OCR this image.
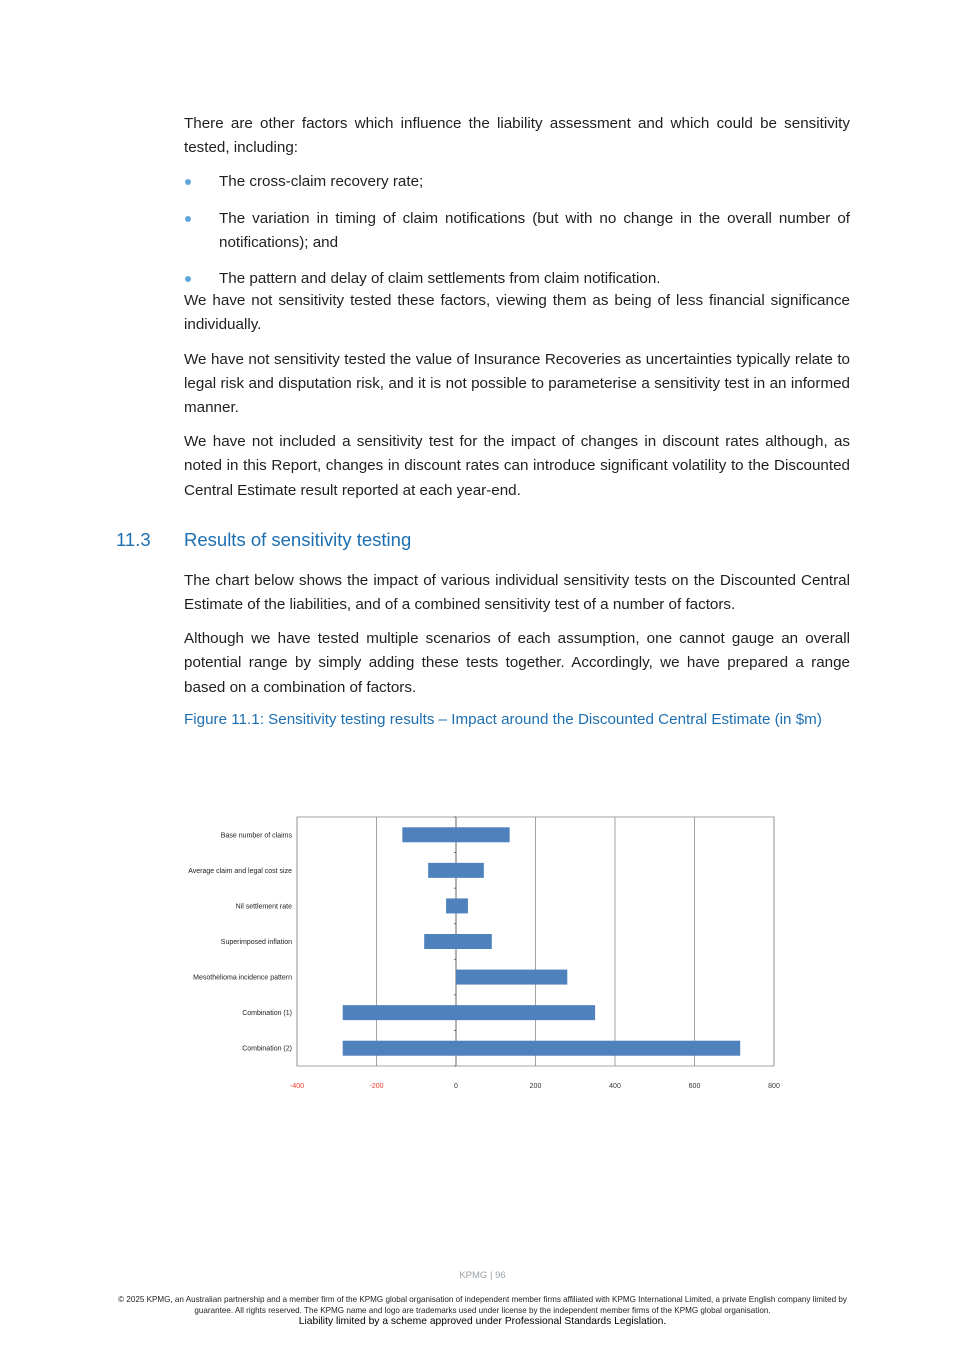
There are other factors which influence the liability assessment and which could be sensitivity tested, including:

The cross-claim recovery rate;
The variation in timing of claim notifications (but with no change in the overall number of notifications); and
The pattern and delay of claim settlements from claim notification.

We have not sensitivity tested these factors, viewing them as being of less financial significance individually.

We have not sensitivity tested the value of Insurance Recoveries as uncertainties typically relate to legal risk and disputation risk, and it is not possible to parameterise a sensitivity test in an informed manner.

We have not included a sensitivity test for the impact of changes in discount rates although, as noted in this Report, changes in discount rates can introduce significant volatility to the Discounted Central Estimate result reported at each year-end.

11.3 Results of sensitivity testing

The chart below shows the impact of various individual sensitivity tests on the Discounted Central Estimate of the liabilities, and of a combined sensitivity test of a number of factors.

Although we have tested multiple scenarios of each assumption, one cannot gauge an overall potential range by simply adding these tests together. Accordingly, we have prepared a range based on a combination of factors.

Figure 11.1: Sensitivity testing results – Impact around the Discounted Central Estimate (in $m)

-400	-200	0	200	400	600	800
Base number of claims
Average claim and legal cost size
Nil settlement rate
Superimposed inflation
Mesothelioma incidence pattern
Combination (1)
Combination (2)
KPMG | 96
© 2025 KPMG, an Australian partnership and a member firm of the KPMG global organisation of independent member firms affiliated with KPMG International Limited, a private English company limited by guarantee. All rights reserved. The KPMG name and logo are trademarks used under license by the independent member firms of the KPMG global organisation.
Liability limited by a scheme approved under Professional Standards Legislation.
